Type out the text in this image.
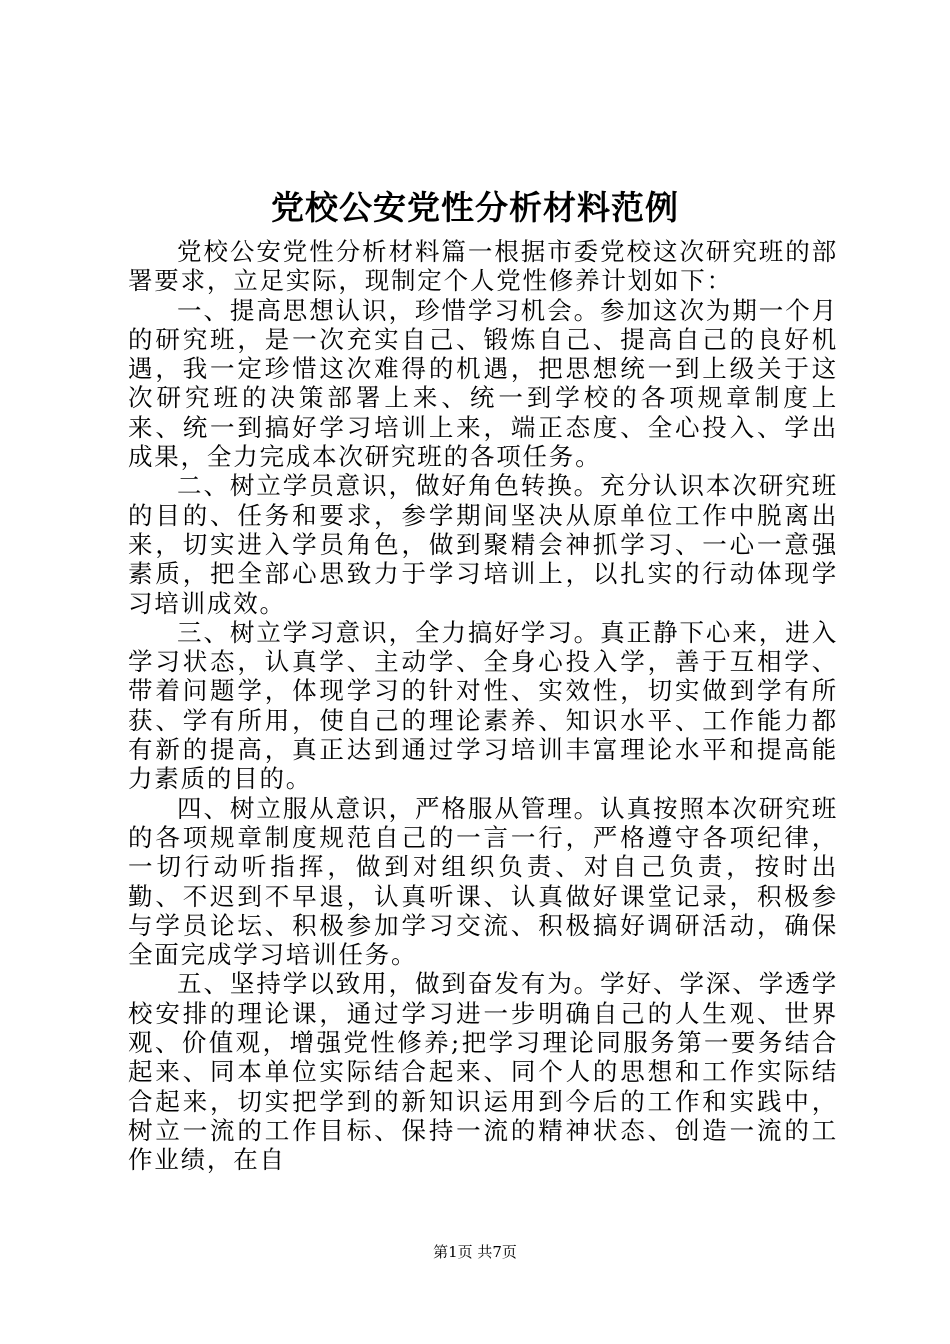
党校公安党性分析材料范例

党校公安党性分析材料篇一根据市委党校这次研究班的部署要求，立足实际，现制定个人党性修养计划如下：

一、提高思想认识，珍惜学习机会。参加这次为期一个月的研究班，是一次充实自己、锻炼自己、提高自己的良好机遇，我一定珍惜这次难得的机遇，把思想统一到上级关于这次研究班的决策部署上来、统一到学校的各项规章制度上来、统一到搞好学习培训上来，端正态度、全心投入、学出成果，全力完成本次研究班的各项任务。

二、树立学员意识，做好角色转换。充分认识本次研究班的目的、任务和要求，参学期间坚决从原单位工作中脱离出来，切实进入学员角色，做到聚精会神抓学习、一心一意强素质，把全部心思致力于学习培训上，以扎实的行动体现学习培训成效。

三、树立学习意识，全力搞好学习。真正静下心来，进入学习状态，认真学、主动学、全身心投入学，善于互相学、带着问题学，体现学习的针对性、实效性，切实做到学有所获、学有所用，使自己的理论素养、知识水平、工作能力都有新的提高，真正达到通过学习培训丰富理论水平和提高能力素质的目的。

四、树立服从意识，严格服从管理。认真按照本次研究班的各项规章制度规范自己的一言一行，严格遵守各项纪律，一切行动听指挥，做到对组织负责、对自己负责，按时出勤、不迟到不早退，认真听课、认真做好课堂记录，积极参与学员论坛、积极参加学习交流、积极搞好调研活动，确保全面完成学习培训任务。

五、坚持学以致用，做到奋发有为。学好、学深、学透学校安排的理论课，通过学习进一步明确自己的人生观、世界观、价值观，增强党性修养;把学习理论同服务第一要务结合起来、同本单位实际结合起来、同个人的思想和工作实际结合起来，切实把学到的新知识运用到今后的工作和实践中，树立一流的工作目标、保持一流的精神状态、创造一流的工作业绩，在自

第1页 共7页
